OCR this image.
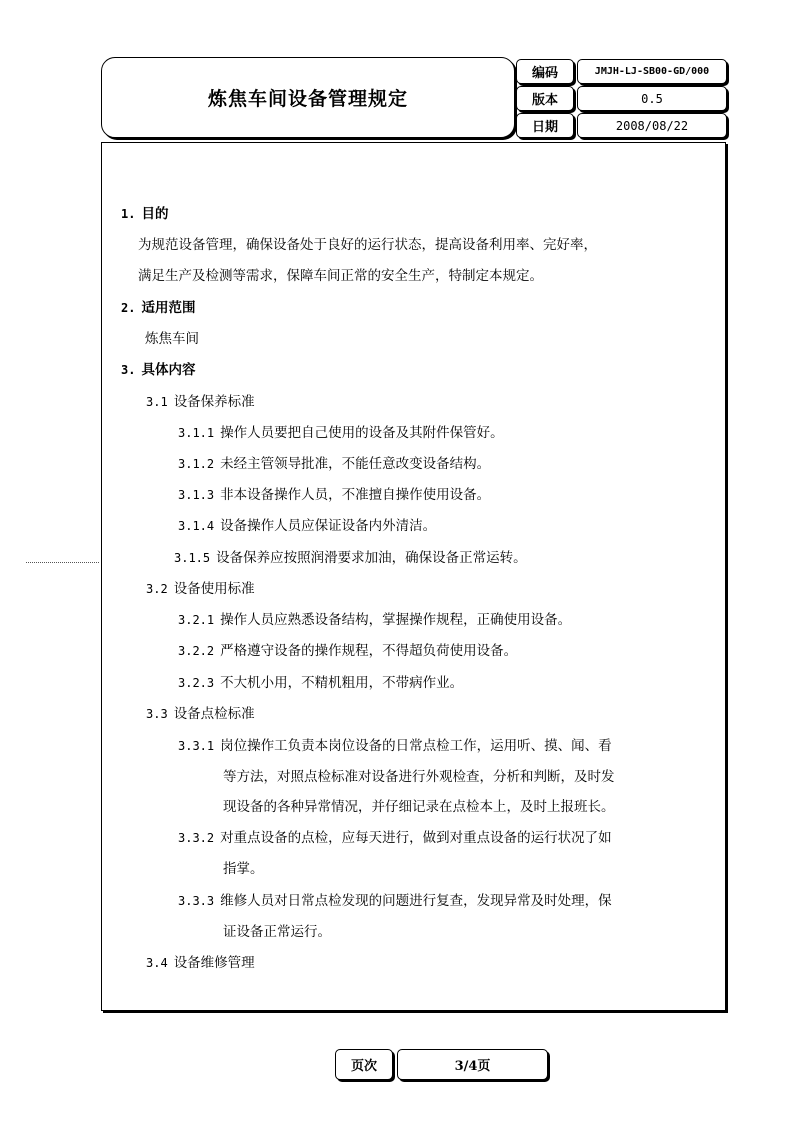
炼焦车间设备管理规定
编码	JMJH-LJ-SB00-GD/000
版本	0.5
日期	2008/08/22
1. 目的
为规范设备管理，确保设备处于良好的运行状态，提高设备利用率、完好率，
满足生产及检测等需求，保障车间正常的安全生产，特制定本规定。
2. 适用范围
炼焦车间
3. 具体内容
3.1 设备保养标准
3.1.1 操作人员要把自己使用的设备及其附件保管好。
3.1.2 未经主管领导批准，不能任意改变设备结构。
3.1.3 非本设备操作人员，不准擅自操作使用设备。
3.1.4 设备操作人员应保证设备内外清洁。
3.1.5 设备保养应按照润滑要求加油，确保设备正常运转。
3.2 设备使用标准
3.2.1 操作人员应熟悉设备结构，掌握操作规程，正确使用设备。
3.2.2 严格遵守设备的操作规程，不得超负荷使用设备。
3.2.3 不大机小用，不精机粗用，不带病作业。
3.3 设备点检标准
3.3.1 岗位操作工负责本岗位设备的日常点检工作，运用听、摸、闻、看
等方法，对照点检标准对设备进行外观检查，分析和判断，及时发
现设备的各种异常情况，并仔细记录在点检本上，及时上报班长。
3.3.2 对重点设备的点检，应每天进行，做到对重点设备的运行状况了如
指掌。
3.3.3 维修人员对日常点检发现的问题进行复查，发现异常及时处理，保
证设备正常运行。
3.4 设备维修管理
页次	3/4页
